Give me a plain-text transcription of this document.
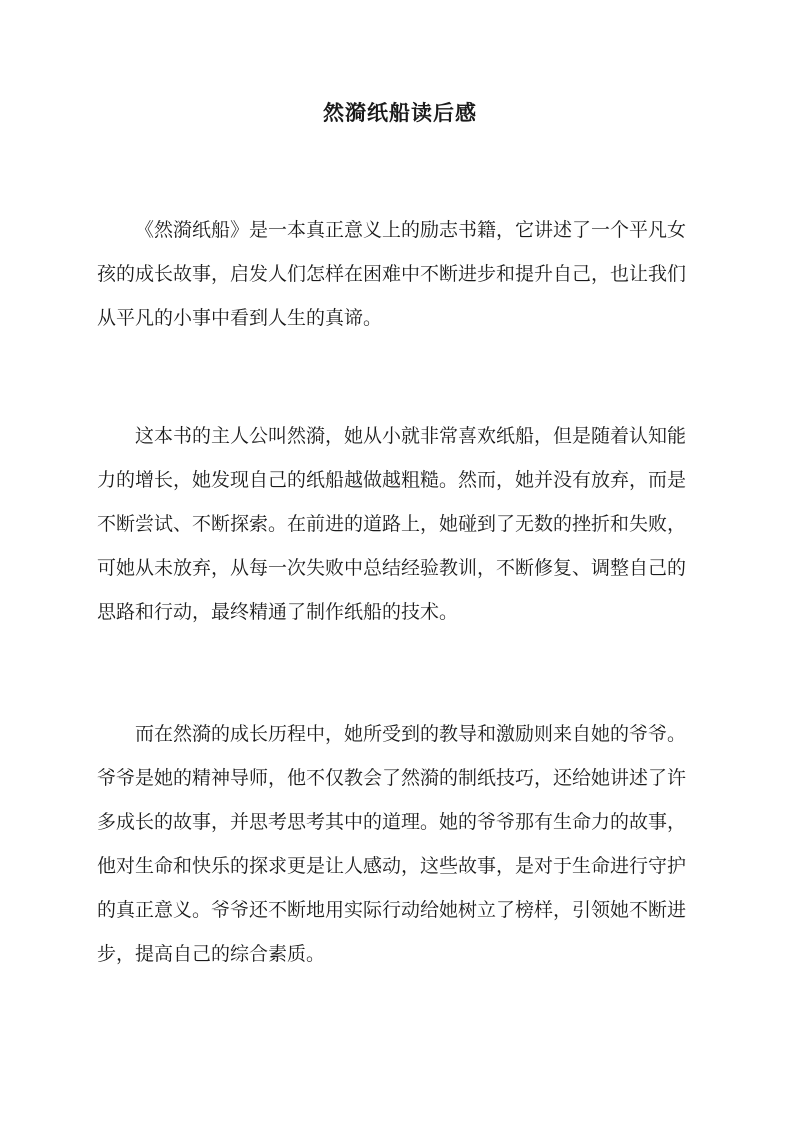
然漪纸船读后感

《然漪纸船》是一本真正意义上的励志书籍，它讲述了一个平凡女孩的成长故事，启发人们怎样在困难中不断进步和提升自己，也让我们从平凡的小事中看到人生的真谛。

这本书的主人公叫然漪，她从小就非常喜欢纸船，但是随着认知能力的增长，她发现自己的纸船越做越粗糙。然而，她并没有放弃，而是不断尝试、不断探索。在前进的道路上，她碰到了无数的挫折和失败，可她从未放弃，从每一次失败中总结经验教训，不断修复、调整自己的思路和行动，最终精通了制作纸船的技术。

而在然漪的成长历程中，她所受到的教导和激励则来自她的爷爷。爷爷是她的精神导师，他不仅教会了然漪的制纸技巧，还给她讲述了许多成长的故事，并思考思考其中的道理。她的爷爷那有生命力的故事，他对生命和快乐的探求更是让人感动，这些故事，是对于生命进行守护的真正意义。爷爷还不断地用实际行动给她树立了榜样，引领她不断进步，提高自己的综合素质。
